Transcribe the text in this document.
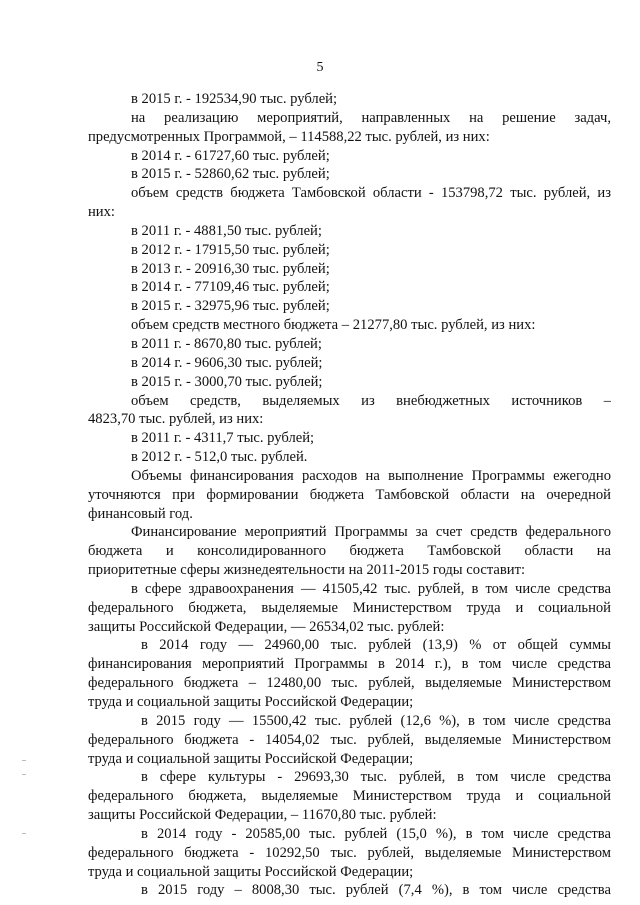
5
в 2015 г. - 192534,90 тыс. рублей;
на реализацию мероприятий, направленных на решение задач,
предусмотренных Программой, – 114588,22 тыс. рублей, из них:
в 2014 г. - 61727,60 тыс. рублей;
в 2015 г. - 52860,62 тыс. рублей;
объем средств бюджета Тамбовской области - 153798,72 тыс. рублей, из
них:
в 2011 г. - 4881,50 тыс. рублей;
в 2012 г. - 17915,50 тыс. рублей;
в 2013 г. - 20916,30 тыс. рублей;
в 2014 г. - 77109,46 тыс. рублей;
в 2015 г. - 32975,96 тыс. рублей;
объем средств местного бюджета – 21277,80 тыс. рублей, из них:
в 2011 г. - 8670,80 тыс. рублей;
в 2014 г. - 9606,30 тыс. рублей;
в 2015 г. - 3000,70 тыс. рублей;
объем средств, выделяемых из внебюджетных источников –
4823,70 тыс. рублей, из них:
в 2011 г. - 4311,7 тыс. рублей;
в 2012 г. - 512,0 тыс. рублей.
Объемы финансирования расходов на выполнение Программы ежегодно
уточняются при формировании бюджета Тамбовской области на очередной
финансовый год.
Финансирование мероприятий Программы за счет средств федерального
бюджета и консолидированного бюджета Тамбовской области на
приоритетные сферы жизнедеятельности на 2011-2015 годы составит:
в сфере здравоохранения — 41505,42 тыс. рублей, в том числе средства
федерального бюджета, выделяемые Министерством труда и социальной
защиты Российской Федерации, — 26534,02 тыс. рублей:
в 2014 году — 24960,00 тыс. рублей (13,9) % от общей суммы
финансирования мероприятий Программы в 2014 г.), в том числе средства
федерального бюджета – 12480,00 тыс. рублей, выделяемые Министерством
труда и социальной защиты Российской Федерации;
в 2015 году — 15500,42 тыс. рублей (12,6 %), в том числе средства
федерального бюджета - 14054,02 тыс. рублей, выделяемые Министерством
труда и социальной защиты Российской Федерации;
в сфере культуры - 29693,30 тыс. рублей, в том числе средства
федерального бюджета, выделяемые Министерством труда и социальной
защиты Российской Федерации, – 11670,80 тыс. рублей:
в 2014 году - 20585,00 тыс. рублей (15,0 %), в том числе средства
федерального бюджета - 10292,50 тыс. рублей, выделяемые Министерством
труда и социальной защиты Российской Федерации;
в 2015 году – 8008,30 тыс. рублей (7,4 %), в том числе средства
